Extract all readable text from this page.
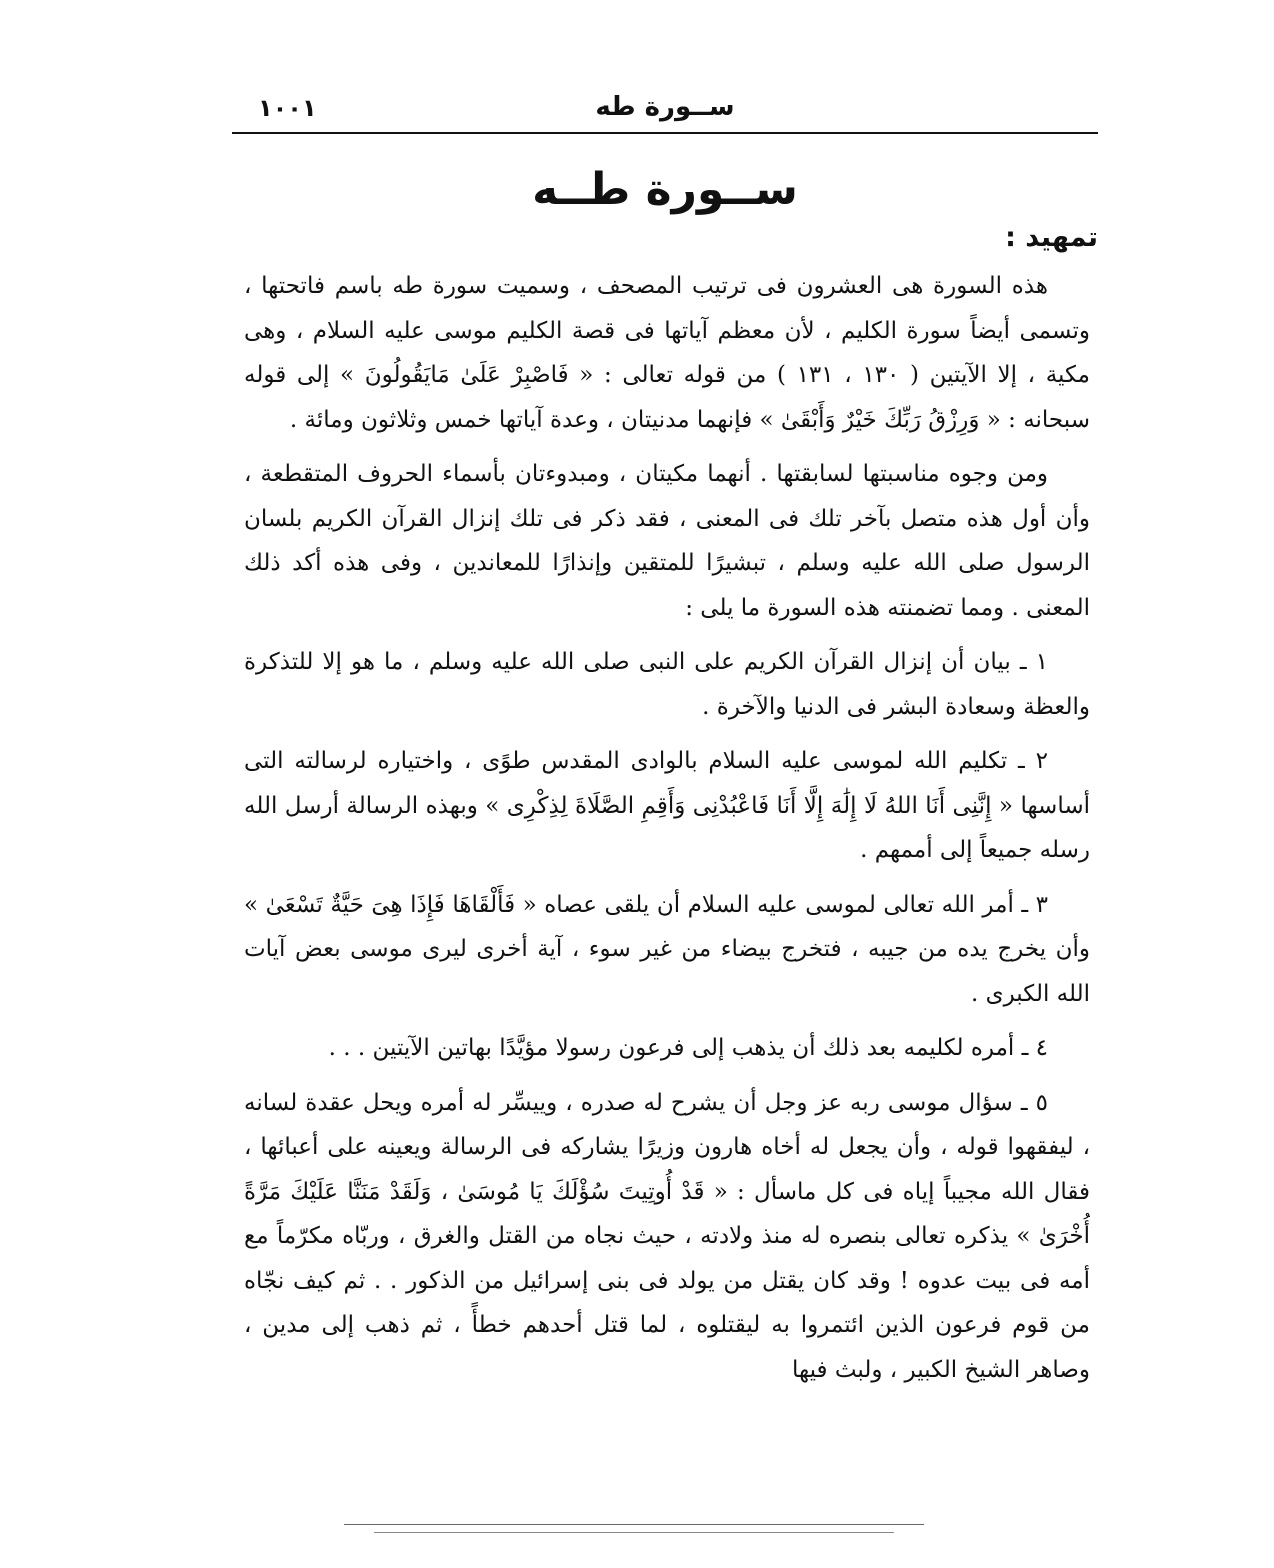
ســورة طه
١٠٠١
ســورة طــه
تمهيد :

هذه السورة هى العشرون فى ترتيب المصحف ، وسميت سورة طه باسم فاتحتها ، وتسمى أيضاً سورة الكليم ، لأن معظم آياتها فى قصة الكليم موسى عليه السلام ، وهى مكية ، إلا الآيتين ( ١٣٠ ، ١٣١ ) من قوله تعالى : « فَاصْبِرْ عَلَىٰ مَايَقُولُونَ » إلى قوله سبحانه : « وَرِزْقُ رَبِّكَ خَيْرٌ وَأَبْقَىٰ » فإنهما مدنيتان ، وعدة آياتها خمس وثلاثون ومائة .

ومن وجوه مناسبتها لسابقتها . أنهما مكيتان ، ومبدوءتان بأسماء الحروف المتقطعة ، وأن أول هذه متصل بآخر تلك فى المعنى ، فقد ذكر فى تلك إنزال القرآن الكريم بلسان الرسول صلى الله عليه وسلم ، تبشيرًا للمتقين وإنذارًا للمعاندين ، وفى هذه أكد ذلك المعنى . ومما تضمنته هذه السورة ما يلى :

١ ـ بيان أن إنزال القرآن الكريم على النبى صلى الله عليه وسلم ، ما هو إلا للتذكرة والعظة وسعادة البشر فى الدنيا والآخرة .

٢ ـ تكليم الله لموسى عليه السلام بالوادى المقدس طوًى ، واختياره لرسالته التى أساسها « إِنَّنِى أَنَا اللهُ لَا إِلَٰهَ إِلَّا أَنَا فَاعْبُدْنِى وَأَقِمِ الصَّلَاةَ لِذِكْرِى » وبهذه الرسالة أرسل الله رسله جميعاً إلى أممهم .

٣ ـ أمر الله تعالى لموسى عليه السلام أن يلقى عصاه « فَأَلْقَاهَا فَإِذَا هِىَ حَيَّةٌ تَسْعَىٰ » وأن يخرج يده من جيبه ، فتخرج بيضاء من غير سوء ، آية أخرى ليرى موسى بعض آيات الله الكبرى .

٤ ـ أمره لكليمه بعد ذلك أن يذهب إلى فرعون رسولا مؤيَّدًا بهاتين الآيتين . . .

٥ ـ سؤال موسى ربه عز وجل أن يشرح له صدره ، وييسِّر له أمره ويحل عقدة لسانه ، ليفقهوا قوله ، وأن يجعل له أخاه هارون وزيرًا يشاركه فى الرسالة ويعينه على أعبائها ، فقال الله مجيباً إياه فى كل ماسأل : « قَدْ أُوتِيتَ سُؤْلَكَ يَا مُوسَىٰ ، وَلَقَدْ مَنَنَّا عَلَيْكَ مَرَّةً أُخْرَىٰ » يذكره تعالى بنصره له منذ ولادته ، حيث نجاه من القتل والغرق ، وربّاه مكرّماً مع أمه فى بيت عدوه ! وقد كان يقتل من يولد فى بنى إسرائيل من الذكور . . ثم كيف نجّاه من قوم فرعون الذين ائتمروا به ليقتلوه ، لما قتل أحدهم خطأً ، ثم ذهب إلى مدين ، وصاهر الشيخ الكبير ، ولبث فيها
